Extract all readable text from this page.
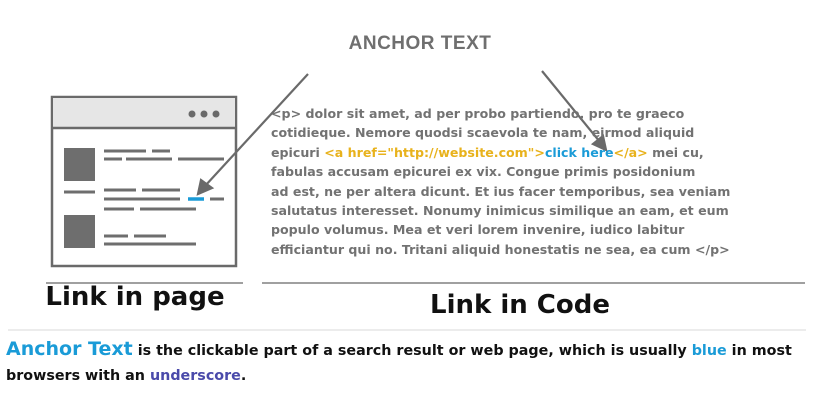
ANCHOR TEXT
<p> dolor sit amet, ad per probo partiendo, pro te graeco
cotidieque. Nemore quodsi scaevola te nam, eirmod aliquid
epicuri <a href="http://website.com">click here</a> mei cu,
fabulas accusam epicurei ex vix. Congue primis posidonium
ad est, ne per altera dicunt. Et ius facer temporibus, sea veniam
salutatus interesset. Nonumy inimicus similique an eam, et eum
populo volumus. Mea et veri lorem invenire, iudico labitur
efficiantur qui no. Tritani aliquid honestatis ne sea, ea cum </p>
Link in page	Link in Code
Anchor Text is the clickable part of a search result or web page, which is usually blue in most browsers with an underscore.
